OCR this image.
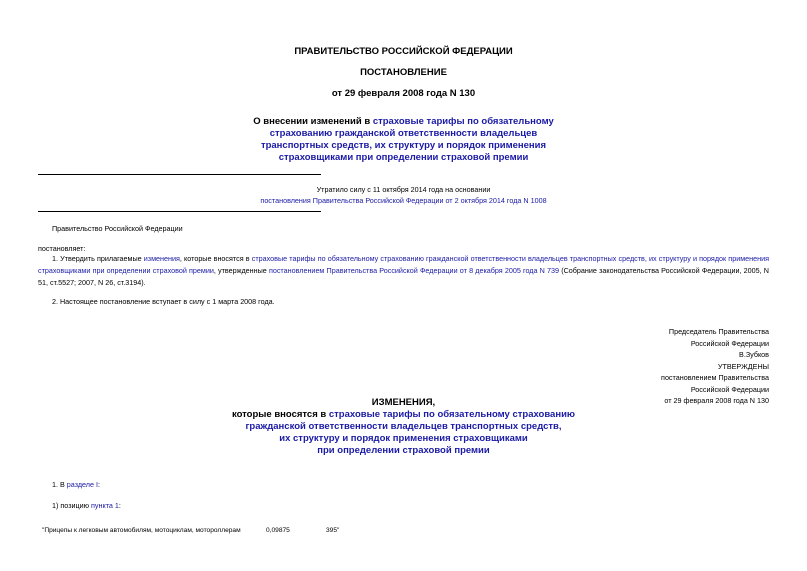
ПРАВИТЕЛЬСТВО РОССИЙСКОЙ ФЕДЕРАЦИИ
ПОСТАНОВЛЕНИЕ
от 29 февраля 2008 года N 130
О внесении изменений в страховые тарифы по обязательному
страхованию гражданской ответственности владельцев
транспортных средств, их структуру и порядок применения
страховщиками при определении страховой премии
Утратило силу с 11 октября 2014 года на основании
постановления Правительства Российской Федерации от 2 октября 2014 года N 1008
Правительство Российской Федерации
постановляет:
1. Утвердить прилагаемые изменения, которые вносятся в страховые тарифы по обязательному страхованию гражданской ответственности владельцев транспортных средств, их структуру и порядок применения страховщиками при определении страховой премии, утвержденные постановлением Правительства Российской Федерации от 8 декабря 2005 года N 739 (Собрание законодательства Российской Федерации, 2005, N 51, ст.5527; 2007, N 26, ст.3194).
2. Настоящее постановление вступает в силу с 1 марта 2008 года.
Председатель Правительства
Российской Федерации
В.Зубков
УТВЕРЖДЕНЫ
постановлением Правительства
Российской Федерации
от 29 февраля 2008 года N 130
ИЗМЕНЕНИЯ,
которые вносятся в страховые тарифы по обязательному страхованию
гражданской ответственности владельцев транспортных средств,
их структуру и порядок применения страховщиками
при определении страховой премии
1. В разделе I:
1) позицию пункта 1:
"Прицепы к легковым автомобилям, мотоциклам, мотороллерам	0,09875	395"
